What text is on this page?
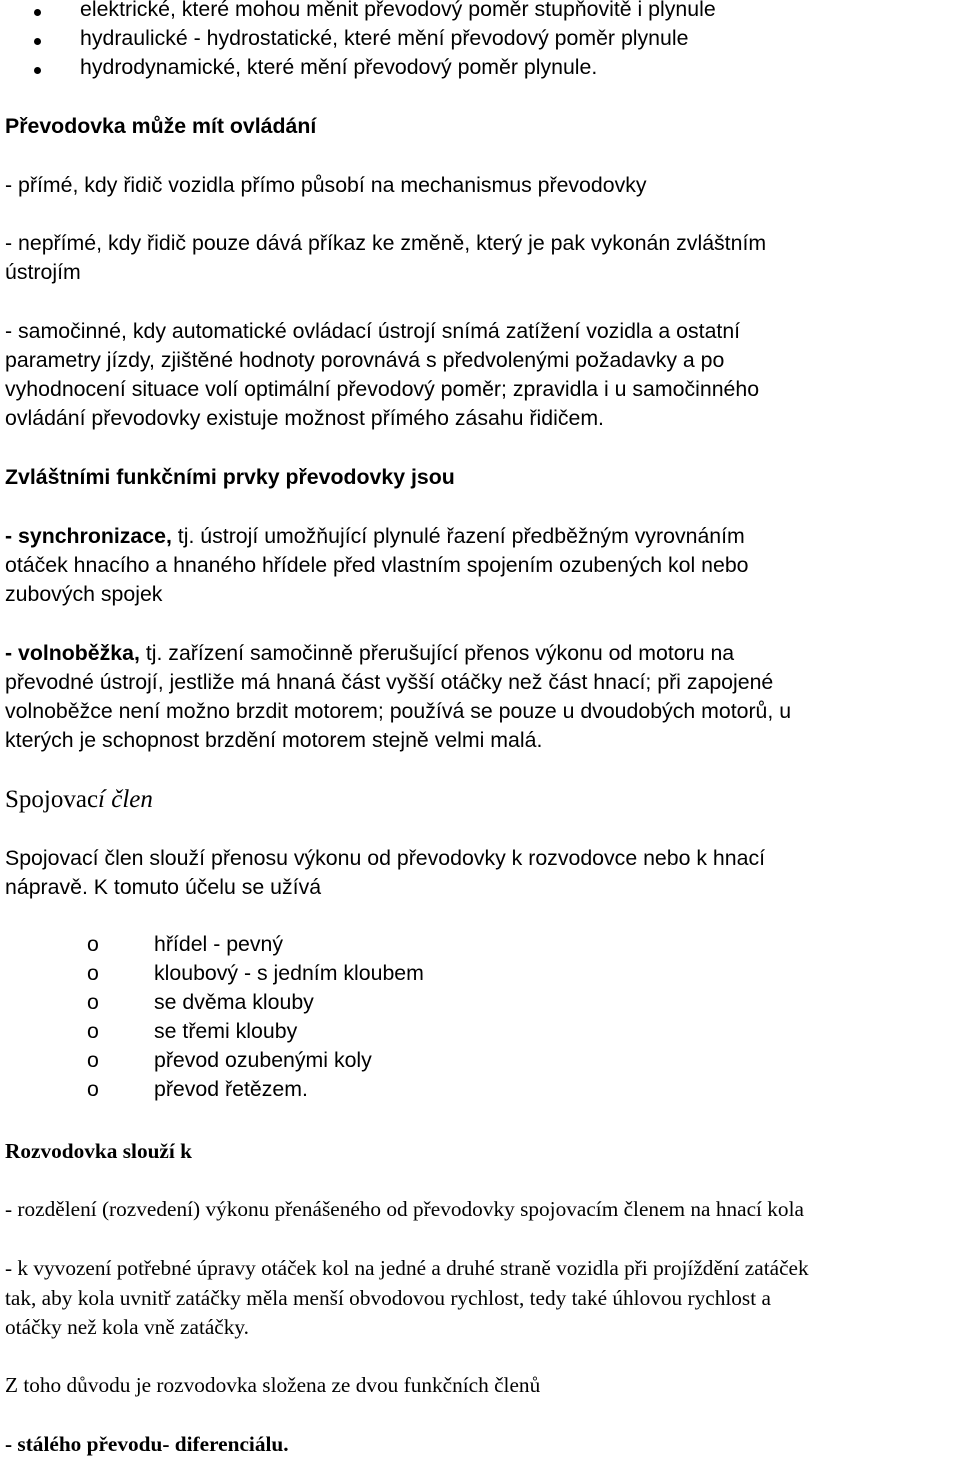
elektrické, které mohou měnit převodový poměr stupňovitě i plynule

hydraulické - hydrostatické, které mění převodový poměr plynule

hydrodynamické, které mění převodový poměr plynule.

Převodovka může mít ovládání

- přímé, kdy řidič vozidla přímo působí na mechanismus převodovky

- nepřímé, kdy řidič pouze dává příkaz ke změně, který je pak vykonán zvláštním

ústrojím

- samočinné, kdy automatické ovládací ústrojí snímá zatížení vozidla a ostatní

parametry jízdy, zjištěné hodnoty porovnává s předvolenými požadavky a po

vyhodnocení situace volí optimální převodový poměr; zpravidla i u samočinného

ovládání převodovky existuje možnost přímého zásahu řidičem.

Zvláštními funkčními prvky převodovky jsou

- synchronizace, tj. ústrojí umožňující plynulé řazení předběžným vyrovnáním

otáček hnacího a hnaného hřídele před vlastním spojením ozubených kol nebo

zubových spojek

- volnoběžka, tj. zařízení samočinně přerušující přenos výkonu od motoru na

převodné ústrojí, jestliže má hnaná část vyšší otáčky než část hnací; při zapojené

volnoběžce není možno brzdit motorem; používá se pouze u dvoudobých motorů, u

kterých je schopnost brzdění motorem stejně velmi malá.

Spojovací člen

Spojovací člen slouží přenosu výkonu od převodovky k rozvodovce nebo k hnací

nápravě. K tomuto účelu se užívá

o	hřídel - pevný
o	kloubový - s jedním kloubem
o	se dvěma klouby
o	se třemi klouby
o	převod ozubenými koly
o	převod řetězem.

Rozvodovka slouží k

- rozdělení (rozvedení) výkonu přenášeného od převodovky spojovacím členem na hnací kola

- k vyvození potřebné úpravy otáček kol na jedné a druhé straně vozidla při projíždění zatáček

tak, aby kola uvnitř zatáčky měla menší obvodovou rychlost, tedy také úhlovou rychlost a

otáčky než kola vně zatáčky.

Z toho důvodu je rozvodovka složena ze dvou funkčních členů

- stálého převodu- diferenciálu.
